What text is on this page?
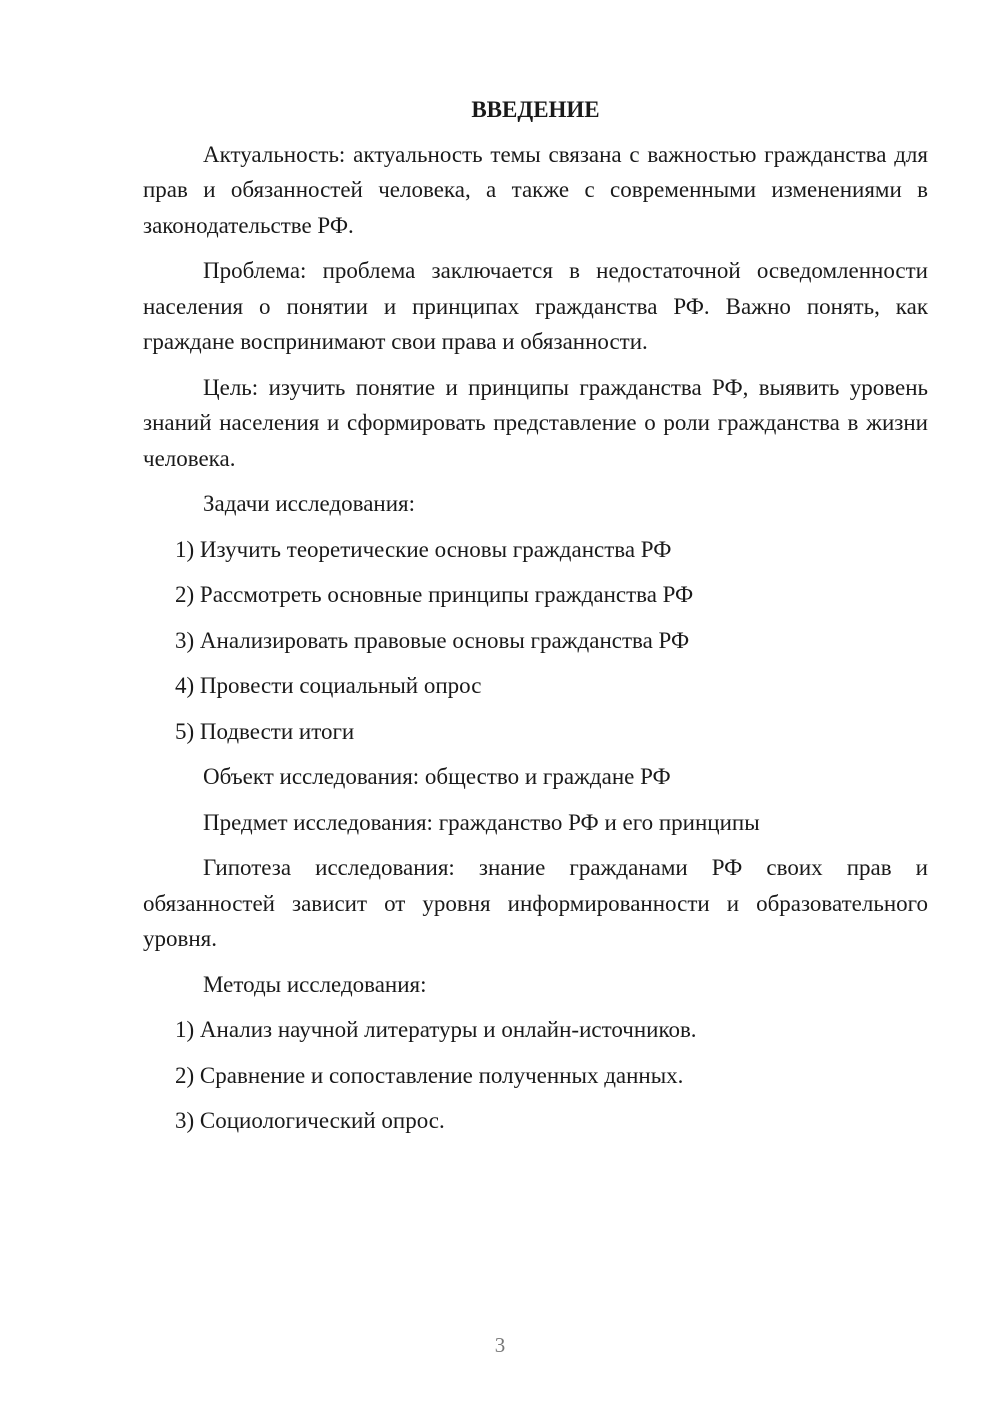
ВВЕДЕНИЕ

Актуальность: актуальность темы связана с важностью гражданства для прав и обязанностей человека, а также с современными изменениями в законодательстве РФ.

Проблема: проблема заключается в недостаточной осведомленности населения о понятии и принципах гражданства РФ. Важно понять, как граждане воспринимают свои права и обязанности.

Цель: изучить понятие и принципы гражданства РФ, выявить уровень знаний населения и сформировать представление о роли гражданства в жизни человека.

Задачи исследования:

1) Изучить теоретические основы гражданства РФ

2) Рассмотреть основные принципы гражданства РФ

3) Анализировать правовые основы гражданства РФ

4) Провести социальный опрос

5) Подвести итоги

Объект исследования: общество и граждане РФ

Предмет исследования: гражданство РФ и его принципы

Гипотеза исследования: знание гражданами РФ своих прав и обязанностей зависит от уровня информированности и образовательного уровня.

Методы исследования:

1) Анализ научной литературы и онлайн-источников.

2) Сравнение и сопоставление полученных данных.

3) Социологический опрос.

3
